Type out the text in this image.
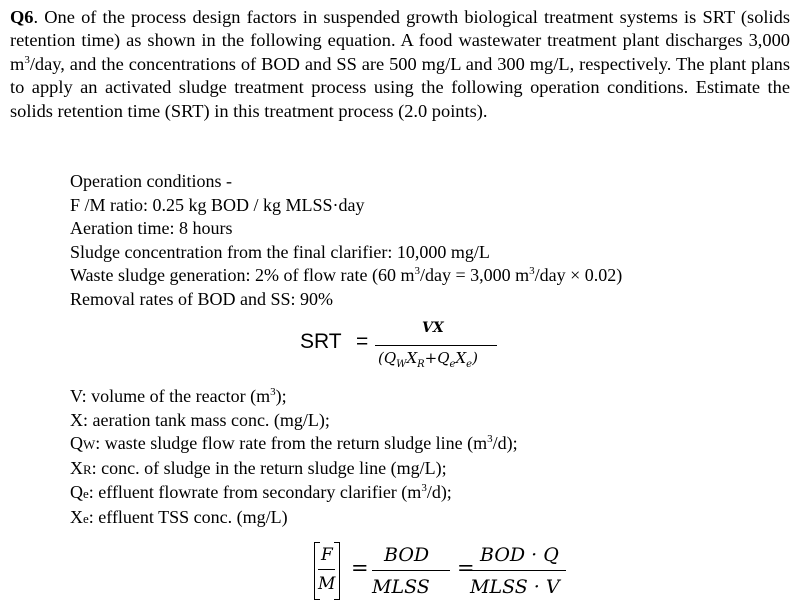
Q6. One of the process design factors in suspended growth biological treatment systems is SRT (solids retention time) as shown in the following equation. A food wastewater treatment plant discharges 3,000 $m^3$/day, and the concentrations of BOD and SS are 500 mg/L and 300 mg/L, respectively. The plant plans to apply an activated sludge treatment process using the following operation conditions. Estimate the solids retention time (SRT) in this treatment process (2.0 points).
Operation conditions -
F /M ratio: 0.25 kg BOD / kg MLSS·day
Aeration time: 8 hours
Sludge concentration from the final clarifier: 10,000 mg/L
Waste sludge generation: 2% of flow rate (60 $m^3$/day = 3,000 $m^3$/day × 0.02)
Removal rates of BOD and SS: 90%
SRT =
VX
$(Q_WX_R+Q_eX_e)$
V: volume of the reactor $(m^3)$;
X: aeration tank mass conc. (mg/L);
QW: waste sludge flow rate from the return sludge line $(m^3/d)$;
XR: conc. of sludge in the return sludge line (mg/L);
Qe: effluent flowrate from secondary clarifier $(m^3/d)$;
Xe: effluent TSS conc. (mg/L)
F
M
=
BOD
MLSS
=
BOD · Q
MLSS · V
